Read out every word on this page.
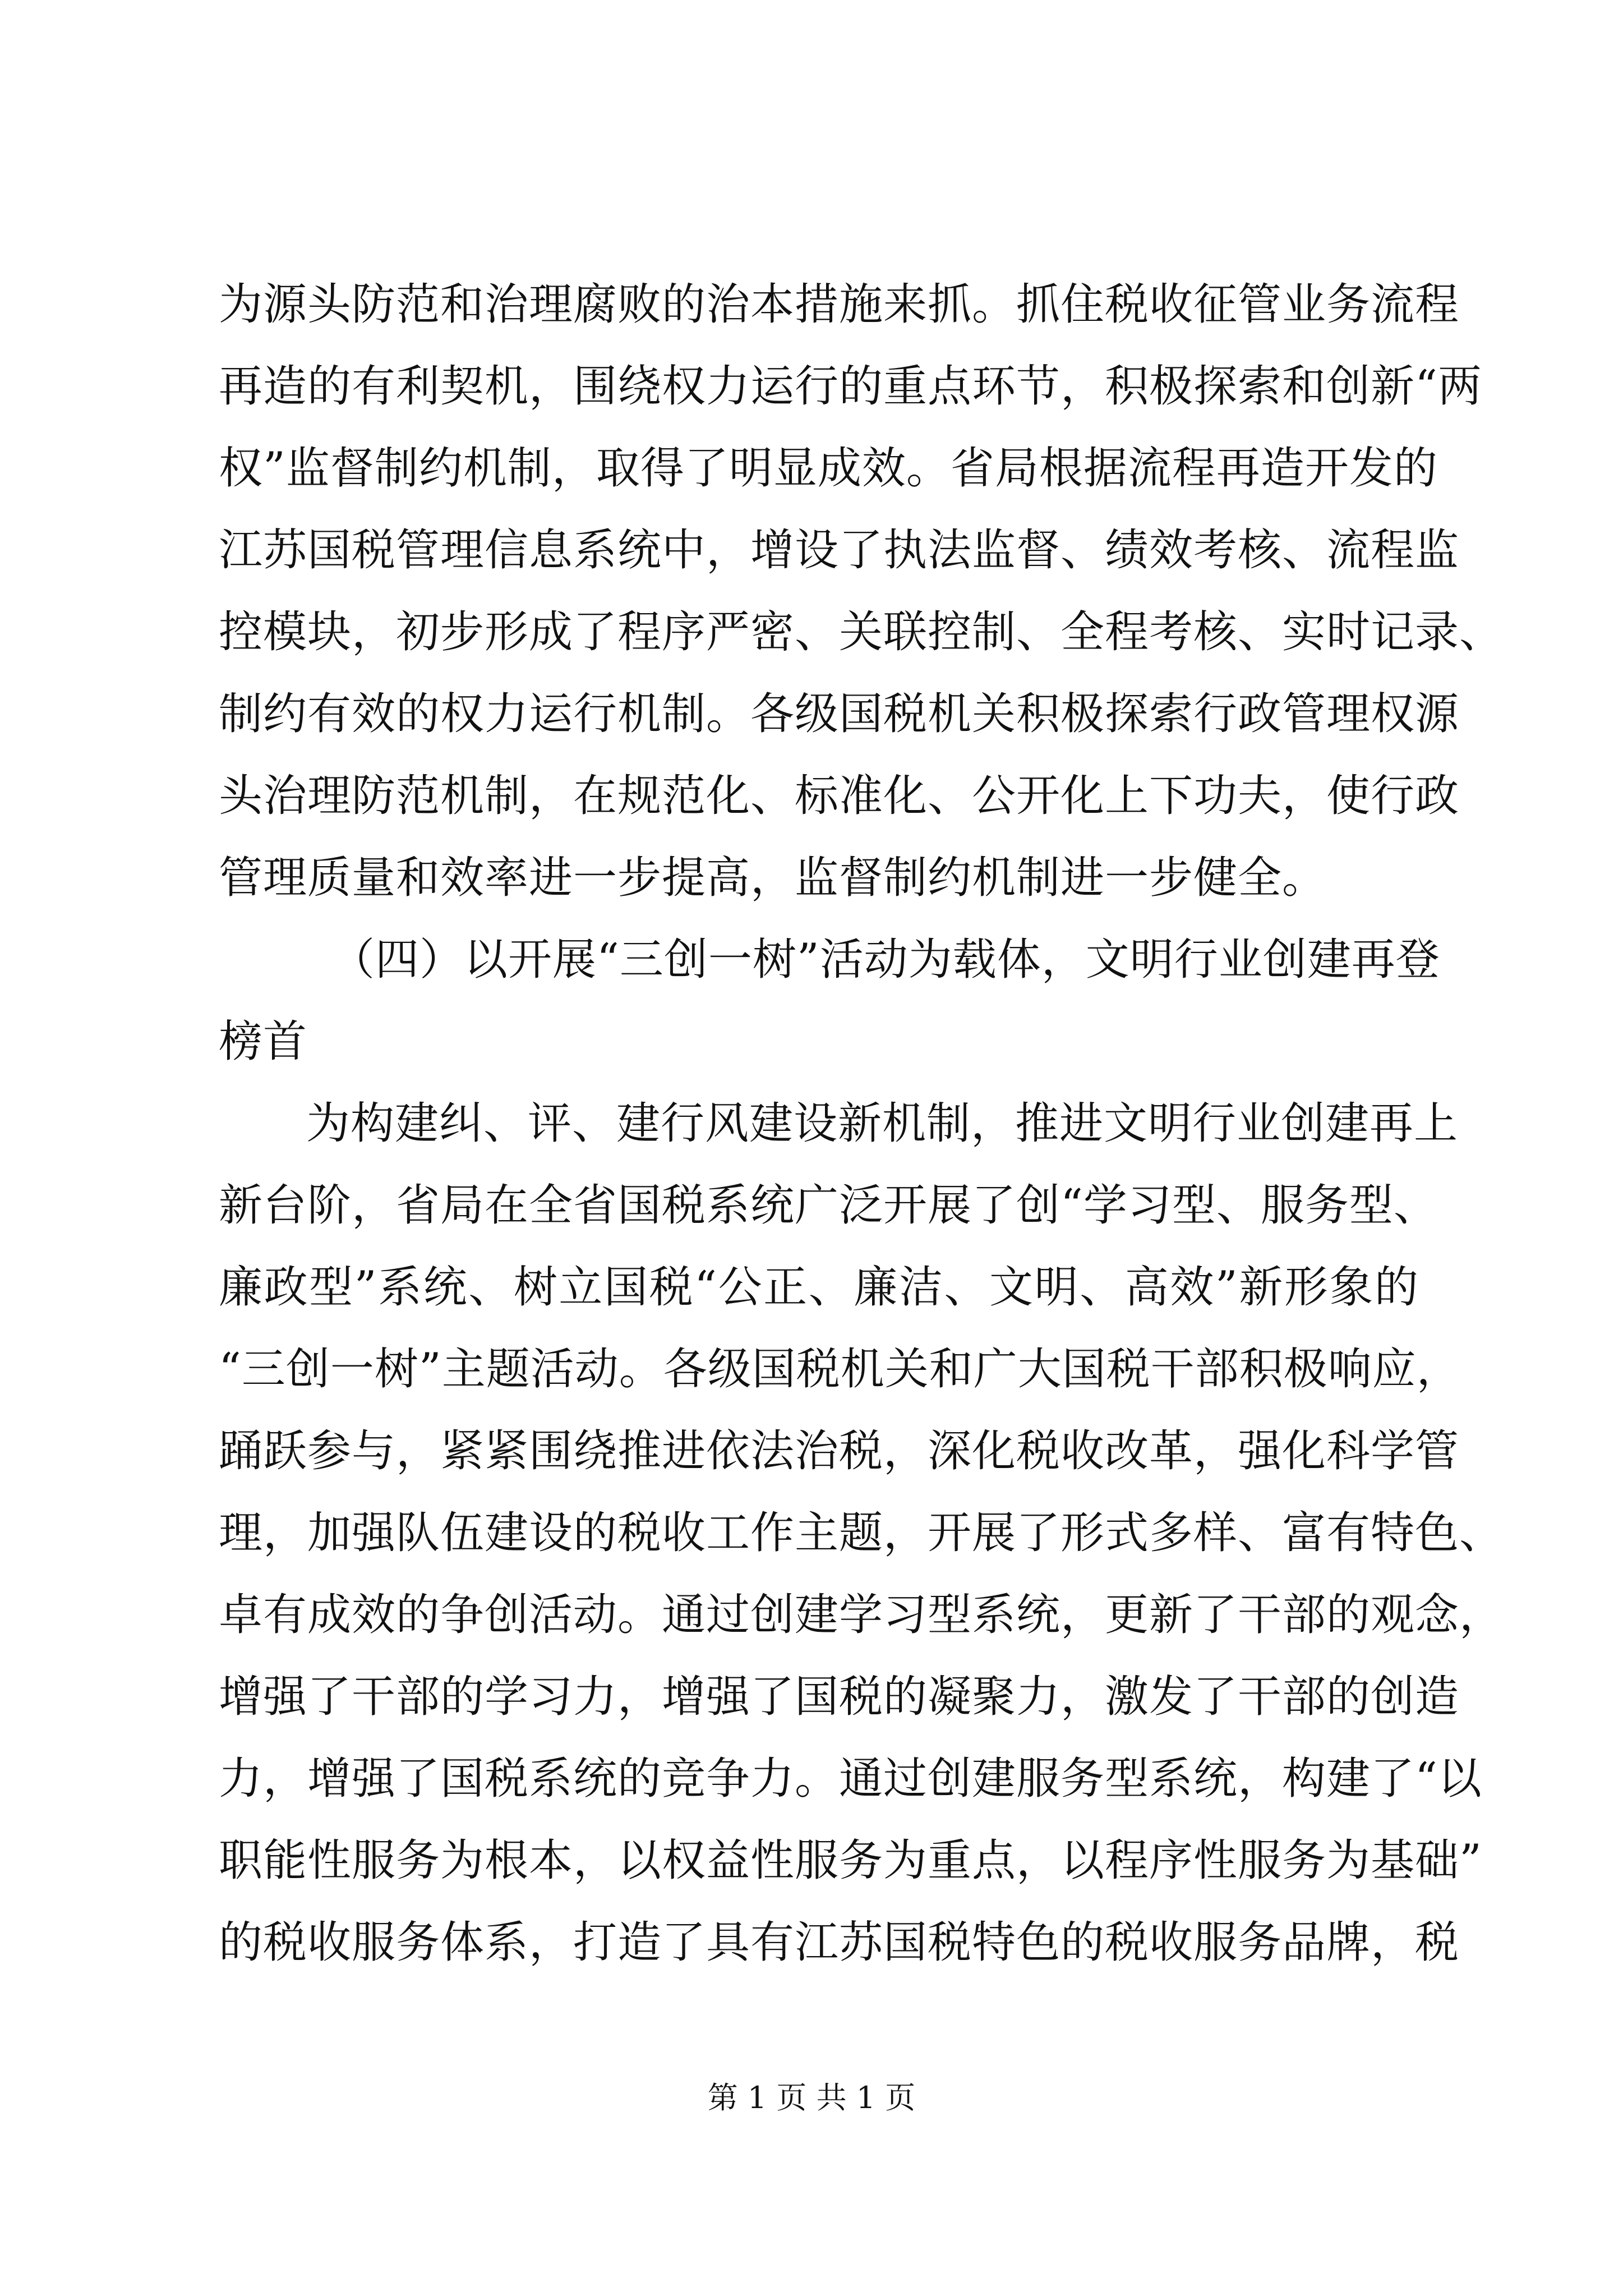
为源头防范和治理腐败的治本措施来抓。抓住税收征管业务流程
再造的有利契机，围绕权力运行的重点环节，积极探索和创新“两
权”监督制约机制，取得了明显成效。省局根据流程再造开发的
江苏国税管理信息系统中，增设了执法监督、绩效考核、流程监
控模块，初步形成了程序严密、关联控制、全程考核、实时记录、
制约有效的权力运行机制。各级国税机关积极探索行政管理权源
头治理防范机制，在规范化、标准化、公开化上下功夫，使行政
管理质量和效率进一步提高，监督制约机制进一步健全。
（四）以开展“三创一树”活动为载体，文明行业创建再登
榜首
为构建纠、评、建行风建设新机制，推进文明行业创建再上
新台阶，省局在全省国税系统广泛开展了创“学习型、服务型、
廉政型”系统、树立国税“公正、廉洁、文明、高效”新形象的
“三创一树”主题活动。各级国税机关和广大国税干部积极响应，
踊跃参与，紧紧围绕推进依法治税，深化税收改革，强化科学管
理，加强队伍建设的税收工作主题，开展了形式多样、富有特色、
卓有成效的争创活动。通过创建学习型系统，更新了干部的观念，
增强了干部的学习力，增强了国税的凝聚力，激发了干部的创造
力，增强了国税系统的竞争力。通过创建服务型系统，构建了“以
职能性服务为根本，以权益性服务为重点，以程序性服务为基础”
的税收服务体系，打造了具有江苏国税特色的税收服务品牌，税
第 1 页 共 1 页
